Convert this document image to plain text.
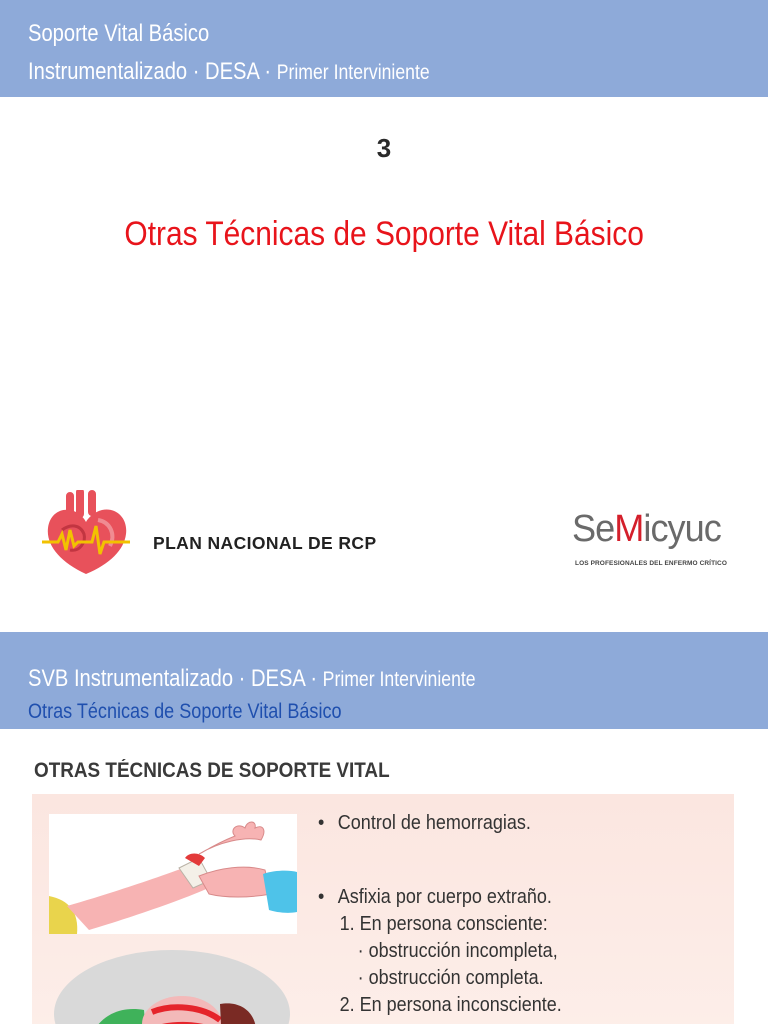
Soporte Vital Básico
Instrumentalizado · DESA · Primer Interviniente
3
Otras Técnicas de Soporte Vital Básico
PLAN NACIONAL DE RCP	SeMicyuc
LOS PROFESIONALES DEL ENFERMO CRÍTICO
SVB Instrumentalizado · DESA · Primer Interviniente
Otras Técnicas de Soporte Vital Básico
OTRAS TÉCNICAS DE SOPORTE VITAL
• Control de hemorragias.
• Asfixia por cuerpo extraño.
1. En persona consciente:
· obstrucción incompleta,
· obstrucción completa.
2. En persona inconsciente.
